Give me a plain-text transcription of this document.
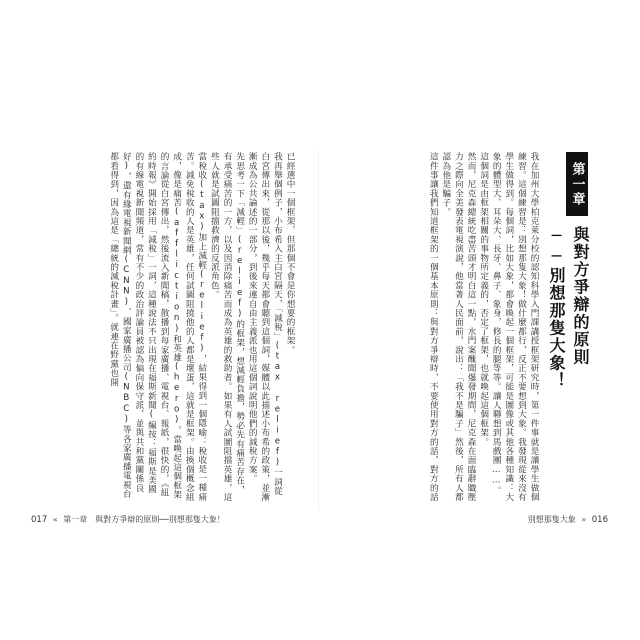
第一章
與對方爭辯的原則
──別想那隻大象！
我在加州大學柏克萊分校的認知科學入門課講授框架研究時，第一件事就是讓學生做個練習。這個練習是：別想那隻大象！做什麼都行，反正不要想到大象。我發現從來沒有學生做得到。每個詞，比如大象，都會喚起一個框架，可能是圖像或其他各種知識：大象的體型大、耳朵大、長牙、鼻子、象身，修長的腿等等。讓人聯想到馬戲團……。這個詞是由框架相關的事物所定義的，否定了框架，也就喚起這個框架。
然而，尼克森總統吃盡苦頭才明白這一點，水門案醜聞爆發期間，尼克森在面臨辭職壓力之際向全美發表電視演說，他當著人民面前，說出：「我不是騙子」然後，所有人都認為他是騙子。
這件事讓我們知道框架的一個基本原則：與對方爭辯時，不要使用對方的話，對方的話
已經選中一個框架，但那個不會是你想要的框架。
我再舉個例子，小布希入主白宮隔天，「減稅」(tax relief)一詞從白宮傳出來，從那以後，幾乎每天都會聽到這個詞，媒體以此描述小布希的政策，並漸漸成為公共論述的一部分，到後來連自由主義派也用這個詞說明他們的減稅方案。
先思考一下「減輕」(relief)的框架，想減輕負擔，勢必先有痛苦存在，有承受痛苦的一方，以及因消除痛苦而成為英雄的救助者。如果有人試圖阻擋英雄，這些人就是試圖阻擋救濟的反派角色。
當稅收(tax)加上減輕(relief)，結果得到一個隱喻：稅收是一種痛苦。減免稅收的人是英雄，任何試圖阻撓他的人都是壞蛋，這就是框架。由換個概念組成，像是痛苦(affliction)和英雄(hero)。當喚起這個框架的言論從白宮傳出，然後流入新聞稿，散播到每家廣播、電視台、報紙，很快的，《紐約時報》開始採用「減稅」一詞，這種說法不只出現在福斯新聞(編按：福斯是美國的有線電視新聞頻道，常有不少的政治評論員被認為偏向保守派，並與共和黨關係良好)，還有緣電視新聞網(CNN)、國家廣播公司(NBC)等各家廣播電視台都看得到，因為這是「總統的減稅計畫」。就連在野黨也開
017 « 第一章　與對方爭辯的原則──別想那隻大象！	別想那隻大象 » 016
